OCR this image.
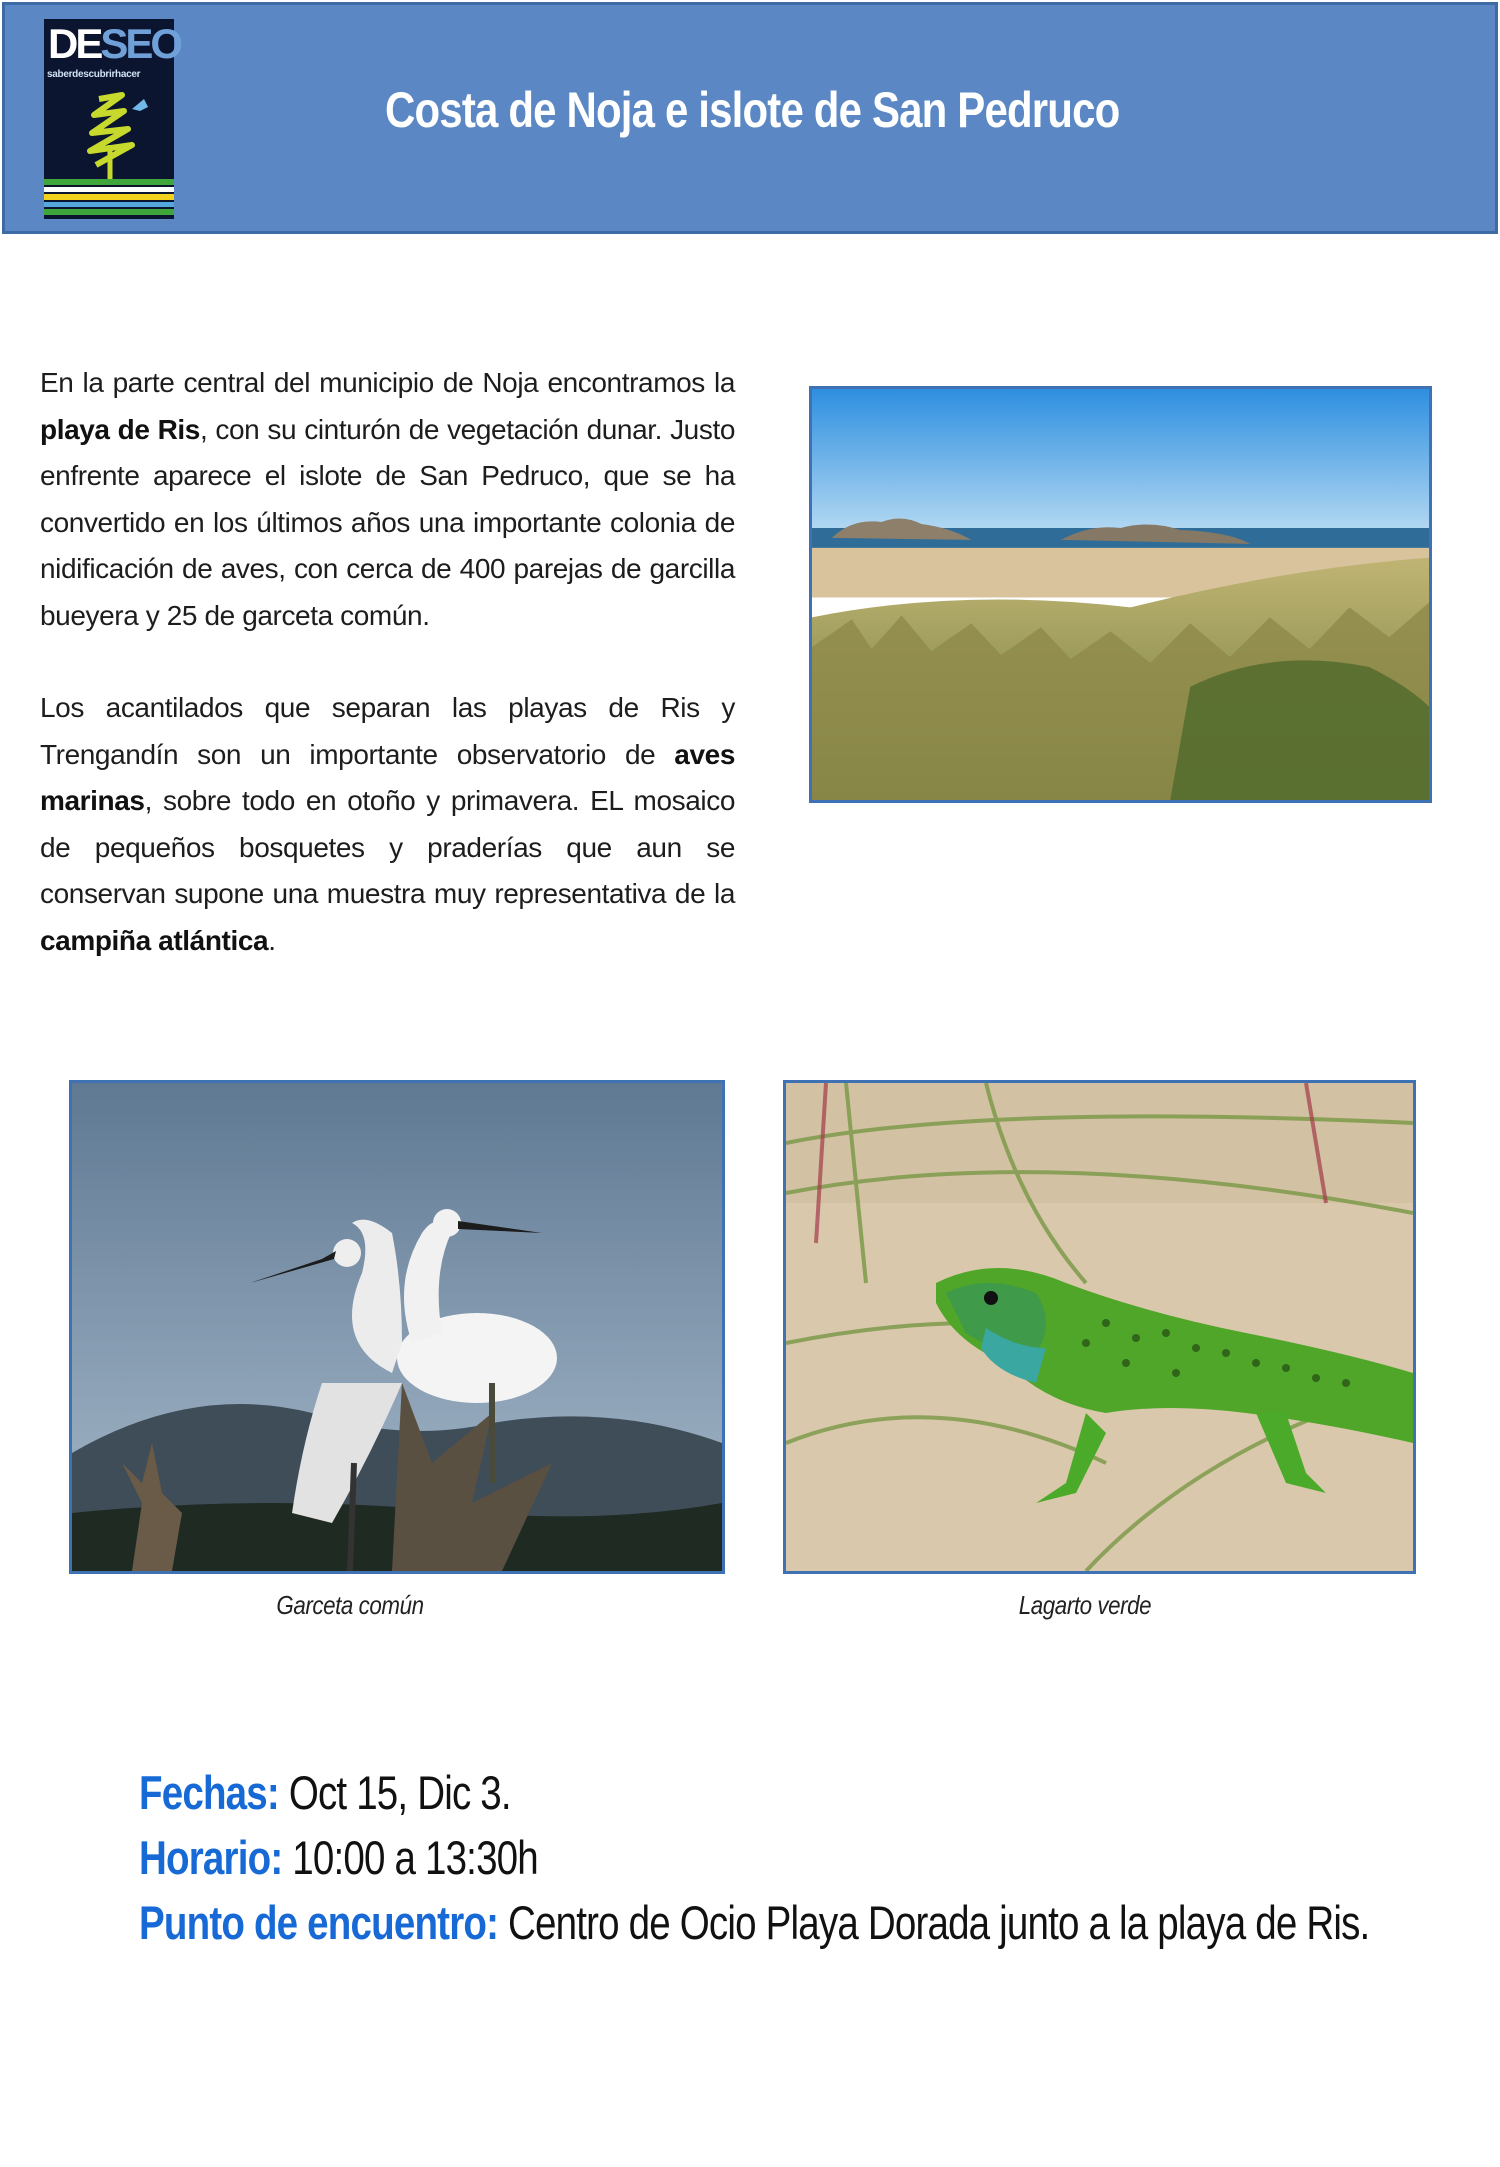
DESEO
saberdescubrirhacer
Costa de Noja e islote de San Pedruco
En la parte central del municipio de Noja encontramos la playa de Ris, con su cinturón de vegetación dunar. Justo enfrente aparece el islote de San Pedruco, que se ha convertido en los últimos años una importante colonia de nidificación de aves, con cerca de 400 parejas de garcilla bueyera y 25 de garceta común.
Los acantilados que separan las playas de Ris y Trengandín son un importante observatorio de aves marinas, sobre todo en otoño y primavera. EL mosaico de pequeños bosquetes y praderías que aun se conservan supone una muestra muy representativa de la campiña atlántica.
Garceta común	Lagarto verde
Fechas: Oct 15, Dic 3.
Horario: 10:00 a 13:30h
Punto de encuentro: Centro de Ocio Playa Dorada junto a la playa de Ris.
